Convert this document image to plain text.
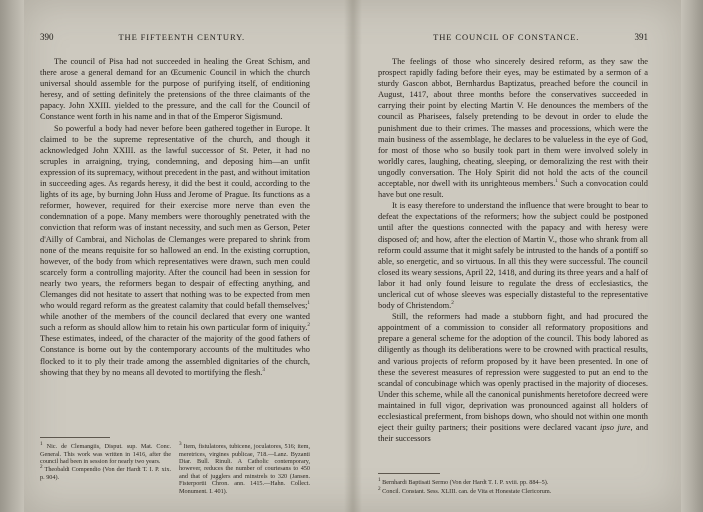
390	THE FIFTEENTH CENTURY.

The council of Pisa had not succeeded in healing the Great Schism, and there arose a general demand for an Œcumenic Council in which the church universal should assemble for the purpose of purifying itself, of enditioning heresy, and of setting definitely the pretensions of the three claimants of the papacy. John XXIII. yielded to the pressure, and the call for the Council of Constance went forth in his name and in that of the Emperor Sigismund.

So powerful a body had never before been gathered together in Europe. It claimed to be the supreme representative of the church, and though it acknowledged John XXIII. as the lawful successor of St. Peter, it had no scruples in arraigning, trying, condemning, and deposing him—an unfit expression of its supremacy, without precedent in the past, and without imitation in succeeding ages. As regards heresy, it did the best it could, according to the lights of its age, by burning John Huss and Jerome of Prague. Its functions as a reformer, however, required for their exercise more nerve than even the condemnation of a pope. Many members were thoroughly penetrated with the conviction that reform was of instant necessity, and such men as Gerson, Peter d'Ailly of Cambrai, and Nicholas de Clemanges were prepared to shrink from none of the means requisite for so hallowed an end. In the existing corruption, however, of the body from which representatives were drawn, such men could scarcely form a controlling majority. After the council had been in session for nearly two years, the reformers began to despair of effecting anything, and Clemanges did not hesitate to assert that nothing was to be expected from men who would regard reform as the greatest calamity that could befall themselves;$^1$ while another of the members of the council declared that every one wanted such a reform as should allow him to retain his own particular form of iniquity.$^2$ These estimates, indeed, of the character of the majority of the good fathers of Constance is borne out by the contemporary accounts of the multitudes who flocked to it to ply their trade among the assembled dignitaries of the church, showing that they by no means all devoted to mortifying the flesh.$^3$

$^1$ Nic. de Clemangiis, Disput. sup. Mat. Conc. General. This work was written in 1416, after the council had been in session for nearly two years.

$^2$ Theobaldi Compendio (Von der Hardt T. I. P. xix. p. 904).

$^3$ Item, fistulatores, tubicene, joculatores, 516; item, meretrices, virgines publicae, 718.—Lanz. Byzanti Diar. Bull. Rinuli. A Catholic contemporary, however, reduces the number of courtesans to 450 and that of jugglers and minstrels to 320 (Jansen. Fisterportii Chron. ann. 1415.—Hahn. Collect. Monument. I. 401).

391
THE COUNCIL OF CONSTANCE.

The feelings of those who sincerely desired reform, as they saw the prospect rapidly fading before their eyes, may be estimated by a sermon of a sturdy Gascon abbot, Bernhardus Baptizatus, preached before the council in August, 1417, about three months before the conservatives succeeded in carrying their point by electing Martin V. He denounces the members of the council as Pharisees, falsely pretending to be devout in order to elude the punishment due to their crimes. The masses and processions, which were the main business of the assemblage, he declares to be valueless in the eye of God, for most of those who so busily took part in them were involved solely in worldly cares, laughing, cheating, sleeping, or demoralizing the rest with their ungodly conversation. The Holy Spirit did not hold the acts of the council acceptable, nor dwell with its unrighteous members.$^1$ Such a convocation could have but one result.

It is easy therefore to understand the influence that were brought to bear to defeat the expectations of the reformers; how the subject could be postponed until after the questions connected with the papacy and with heresy were disposed of; and how, after the election of Martin V., those who shrank from all reform could assume that it might safely be intrusted to the hands of a pontiff so able, so energetic, and so virtuous. In all this they were successful. The council closed its weary sessions, April 22, 1418, and during its three years and a half of labor it had only found leisure to regulate the dress of ecclesiastics, the unclerical cut of whose sleeves was especially distasteful to the representative body of Christendom.$^2$

Still, the reformers had made a stubborn fight, and had procured the appointment of a commission to consider all reformatory propositions and prepare a general scheme for the adoption of the council. This body labored as diligently as though its deliberations were to be crowned with practical results, and various projects of reform proposed by it have been presented. In one of these the severest measures of repression were suggested to put an end to the scandal of concubinage which was openly practised in the majority of dioceses. Under this scheme, while all the canonical punishments heretofore decreed were maintained in full vigor, deprivation was pronounced against all holders of ecclesiastical preferment, from bishops down, who should not within one month eject their guilty partners; their positions were declared vacant ipso jure, and their successors

$^1$ Bernhardi Baptisati Sermo (Von der Hardt T. I. P. xviii. pp. 884–5).

$^2$ Concil. Constant. Sess. XLIII. can. de Vita et Honestate Clericorum.
